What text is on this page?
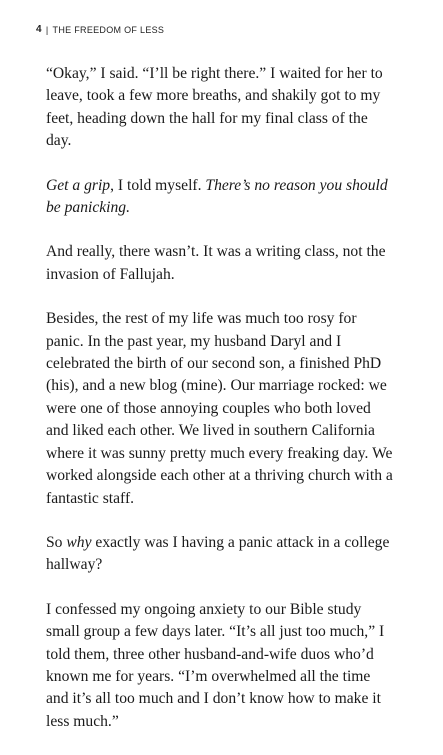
4 | THE FREEDOM OF LESS

“Okay,” I said. “I’ll be right there.” I waited for her to leave, took a few more breaths, and shakily got to my feet, heading down the hall for my final class of the day.

Get a grip, I told myself. There’s no reason you should be panicking.

And really, there wasn’t. It was a writing class, not the invasion of Fallujah.

Besides, the rest of my life was much too rosy for panic. In the past year, my husband Daryl and I celebrated the birth of our second son, a finished PhD (his), and a new blog (mine). Our marriage rocked: we were one of those annoying couples who both loved and liked each other. We lived in southern California where it was sunny pretty much every freaking day. We worked alongside each other at a thriving church with a fantastic staff.

So why exactly was I having a panic attack in a college hallway?

I confessed my ongoing anxiety to our Bible study small group a few days later. “It’s all just too much,” I told them, three other husband-and-wife duos who’d known me for years. “I’m overwhelmed all the time and it’s all too much and I don’t know how to make it less much.”
